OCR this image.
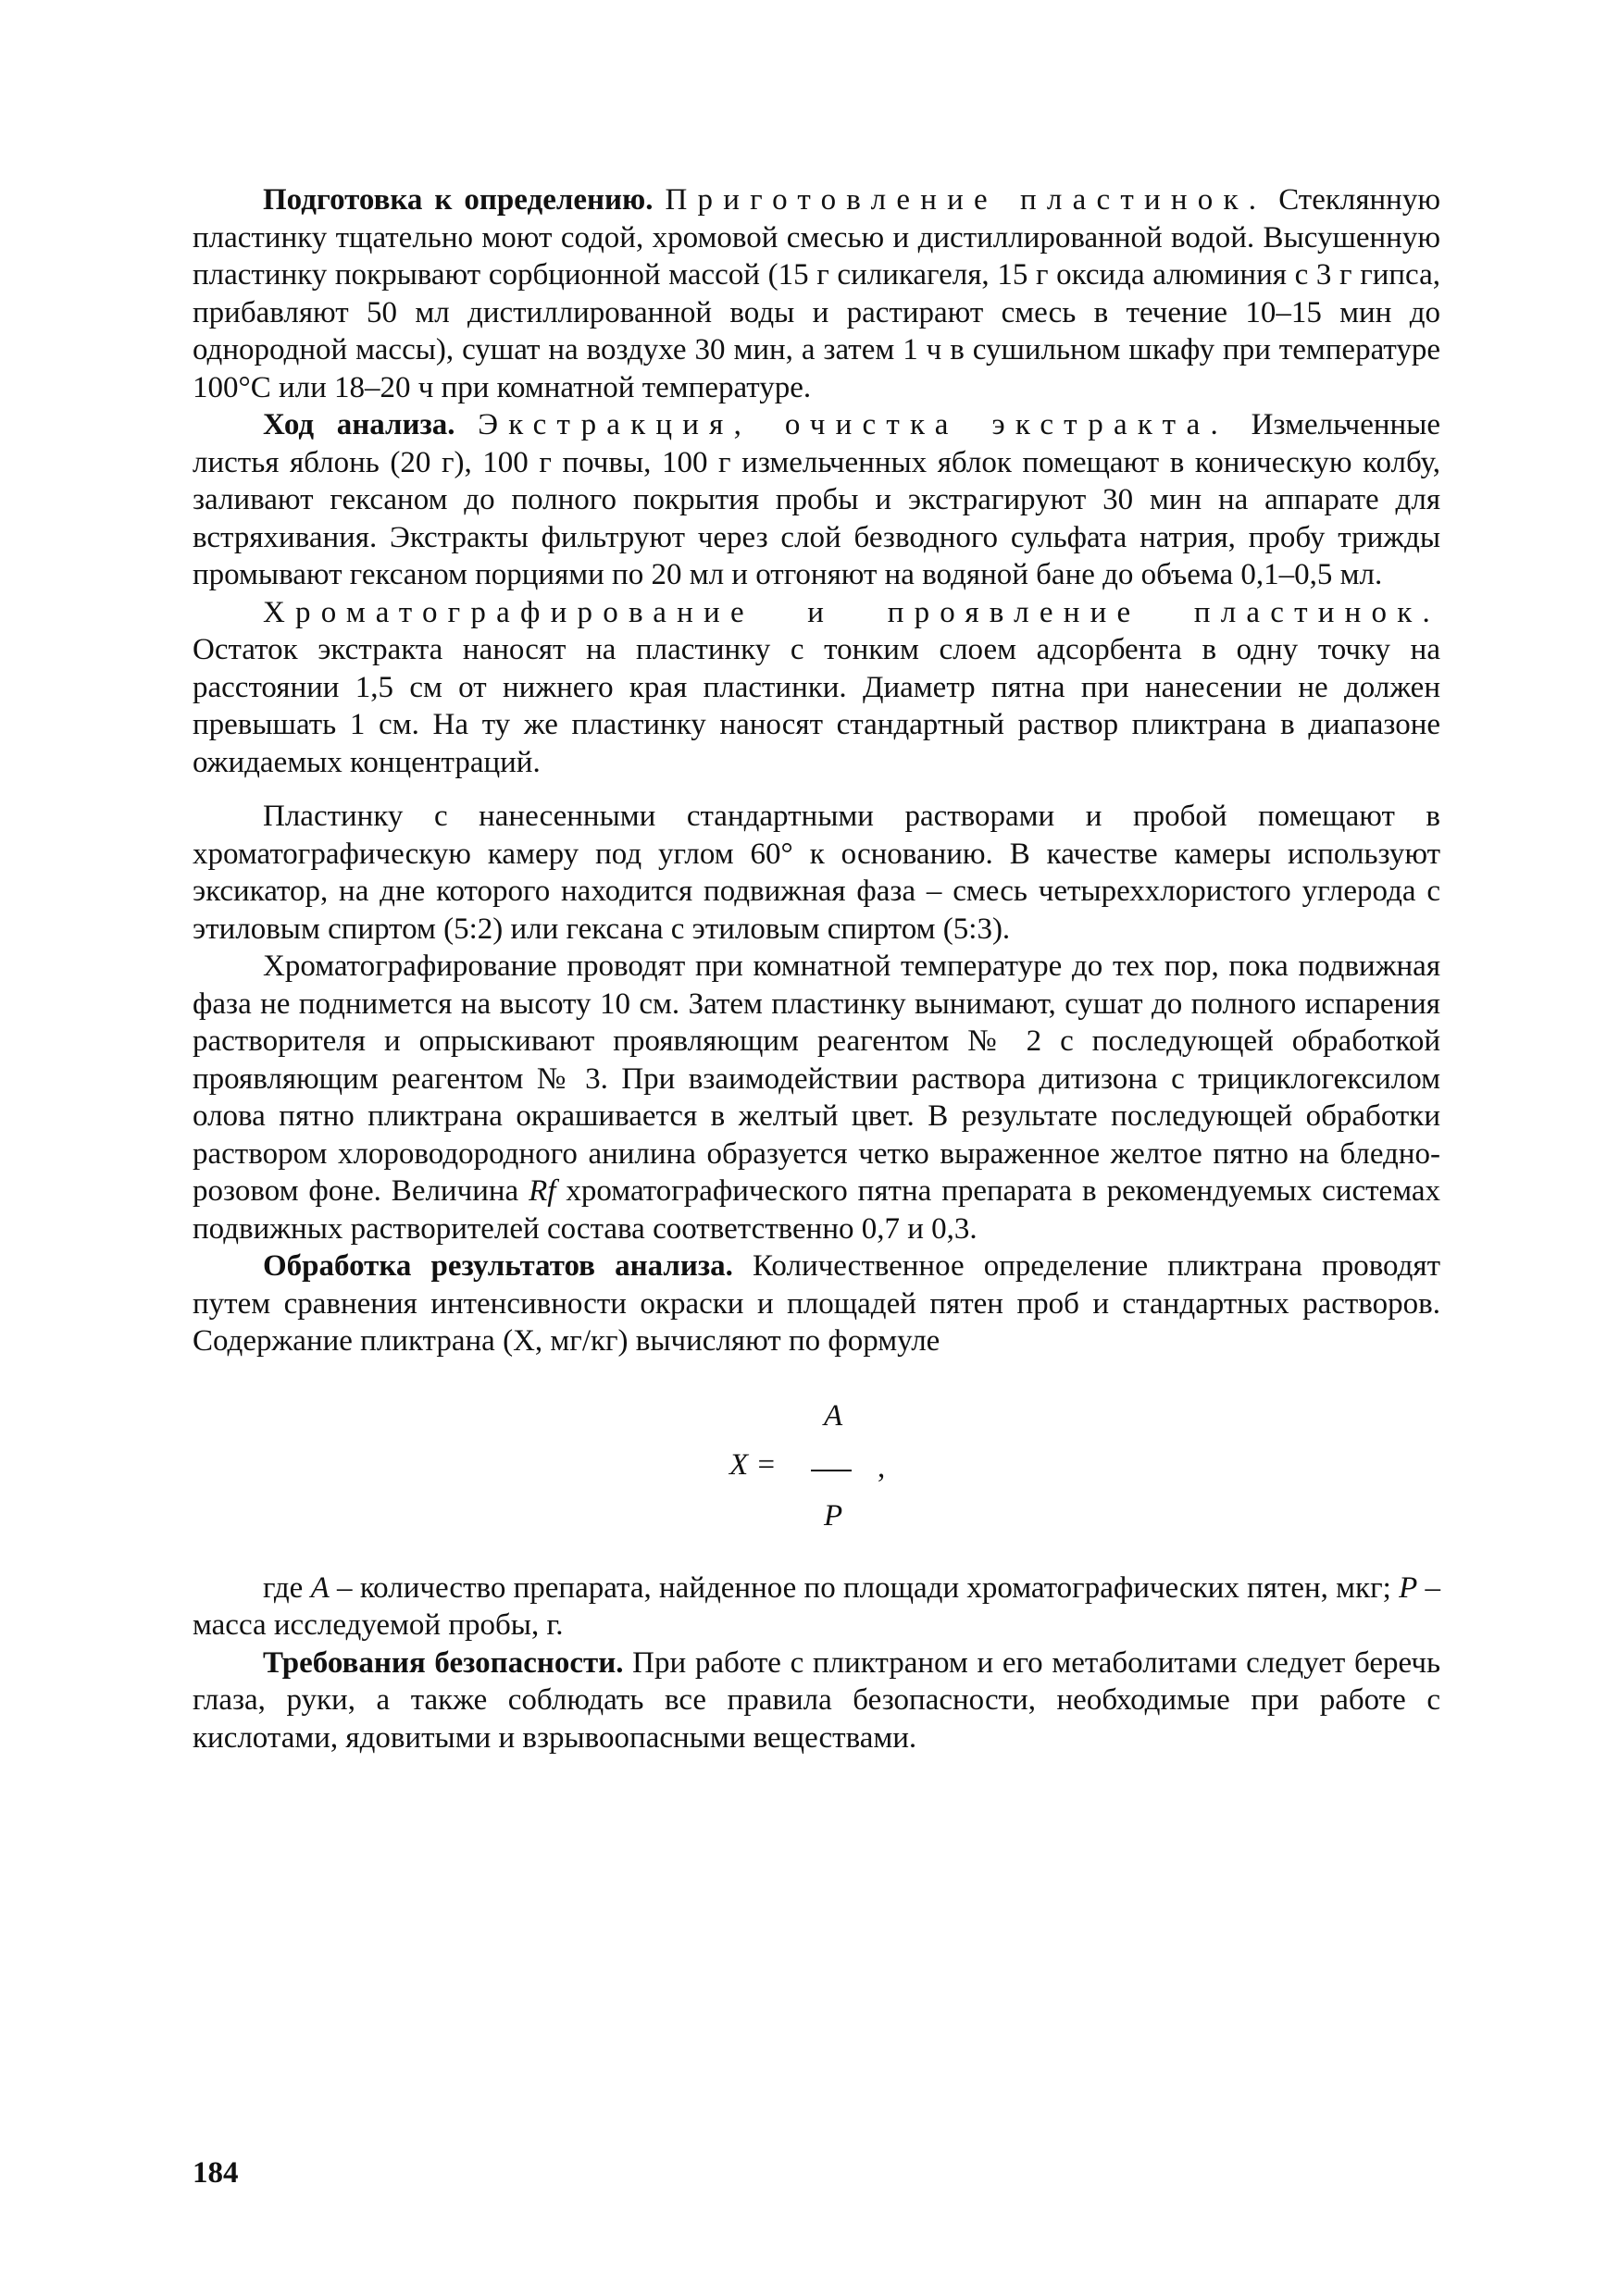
Подготовка к определению. Приготовление пластинок. Стеклянную пластинку тщательно моют содой, хромовой смесью и дистиллированной водой. Высушенную пластинку покрывают сорбционной массой (15 г силикагеля, 15 г оксида алюминия с 3 г гипса, прибавляют 50 мл дистиллированной воды и растирают смесь в течение 10–15 мин до однородной массы), сушат на воздухе 30 мин, а затем 1 ч в сушильном шкафу при температуре 100°С или 18–20 ч при комнатной температуре.

Ход анализа. Экстракция, очистка экстракта. Измельченные листья яблонь (20 г), 100 г почвы, 100 г измельченных яблок помещают в коническую колбу, заливают гексаном до полного покрытия пробы и экстрагируют 30 мин на аппарате для встряхивания. Экстракты фильтруют через слой безводного сульфата натрия, пробу трижды промывают гексаном порциями по 20 мл и отгоняют на водяной бане до объема 0,1–0,5 мл.

Хроматографирование и проявление пластинок. Остаток экстракта наносят на пластинку с тонким слоем адсорбента в одну точку на расстоянии 1,5 см от нижнего края пластинки. Диаметр пятна при нанесении не должен превышать 1 см. На ту же пластинку наносят стандартный раствор пликтрана в диапазоне ожидаемых концентраций.

Пластинку с нанесенными стандартными растворами и пробой помещают в хроматографическую камеру под углом 60° к основанию. В качестве камеры используют эксикатор, на дне которого находится подвижная фаза – смесь четыреххлористого углерода с этиловым спиртом (5:2) или гексана с этиловым спиртом (5:3).

Хроматографирование проводят при комнатной температуре до тех пор, пока подвижная фаза не поднимется на высоту 10 см. Затем пластинку вынимают, сушат до полного испарения растворителя и опрыскивают проявляющим реагентом № 2 с последующей обработкой проявляющим реагентом № 3. При взаимодействии раствора дитизона с трициклогексилом олова пятно пликтрана окрашивается в желтый цвет. В результате последующей обработки раствором хлороводородного анилина образуется четко выраженное желтое пятно на бледно-розовом фоне. Величина Rf хроматографического пятна препарата в рекомендуемых системах подвижных растворителей состава соответственно 0,7 и 0,3.

Обработка результатов анализа. Количественное определение пликтрана проводят путем сравнения интенсивности окраски и площадей пятен проб и стандартных растворов. Содержание пликтрана (X, мг/кг) вычисляют по формуле

X =
A
P
,

где A – количество препарата, найденное по площади хроматографических пятен, мкг; P – масса исследуемой пробы, г.

Требования безопасности. При работе с пликтраном и его метаболитами следует беречь глаза, руки, а также соблюдать все правила безопасности, необходимые при работе с кислотами, ядовитыми и взрывоопасными веществами.

184
